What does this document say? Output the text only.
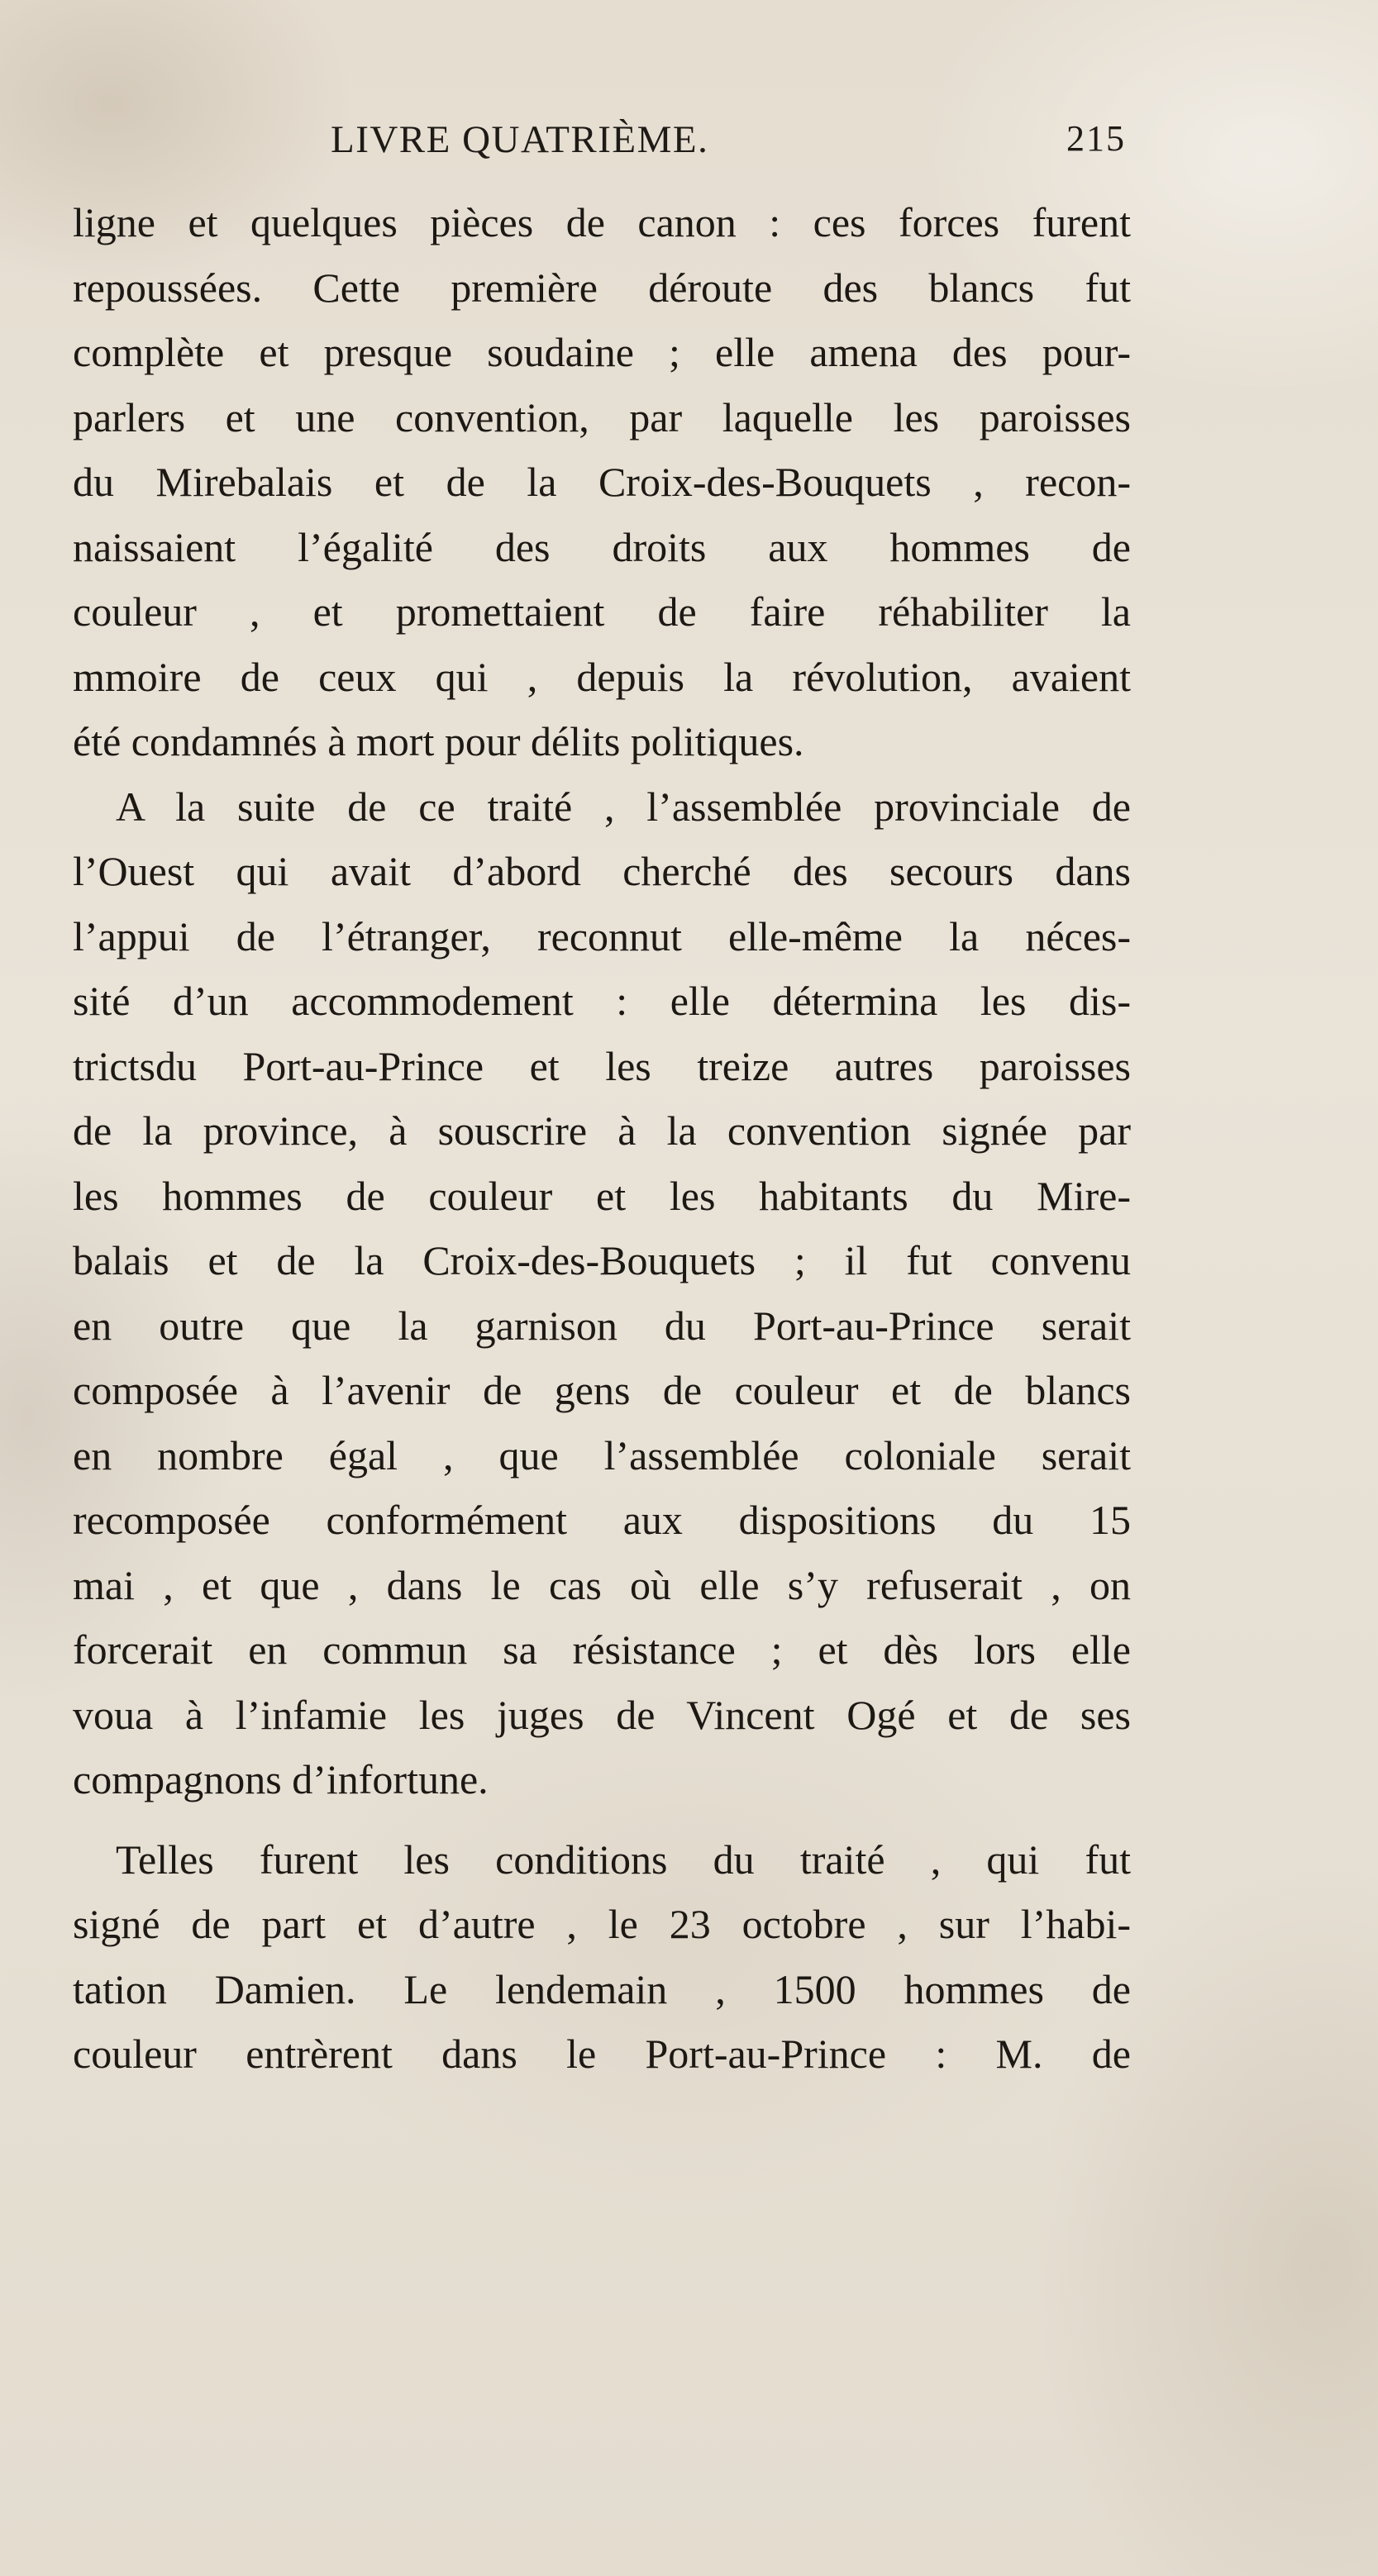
LIVRE QUATRIÈME.	215
ligne et quelques pièces de canon : ces forces furent
repoussées. Cette première déroute des blancs fut
complète et presque soudaine ; elle amena des pour-
parlers et une convention, par laquelle les paroisses
du Mirebalais et de la Croix-des-Bouquets , recon-
naissaient l’égalité des droits aux hommes de
couleur , et promettaient de faire réhabiliter la
mmoire de ceux qui , depuis la révolution, avaient
été condamnés à mort pour délits politiques.
A la suite de ce traité , l’assemblée provinciale de
l’Ouest qui avait d’abord cherché des secours dans
l’appui de l’étranger, reconnut elle-même la néces-
sité d’un accommodement : elle détermina les dis-
trictsdu Port-au-Prince et les treize autres paroisses
de la province, à souscrire à la convention signée par
les hommes de couleur et les habitants du Mire-
balais et de la Croix-des-Bouquets ; il fut convenu
en outre que la garnison du Port-au-Prince serait
composée à l’avenir de gens de couleur et de blancs
en nombre égal , que l’assemblée coloniale serait
recomposée conformément aux dispositions du 15
mai , et que , dans le cas où elle s’y refuserait , on
forcerait en commun sa résistance ; et dès lors elle
voua à l’infamie les juges de Vincent Ogé et de ses
compagnons d’infortune.
Telles furent les conditions du traité , qui fut
signé de part et d’autre , le 23 octobre , sur l’habi-
tation Damien. Le lendemain , 1500 hommes de
couleur entrèrent dans le Port-au-Prince : M. de
